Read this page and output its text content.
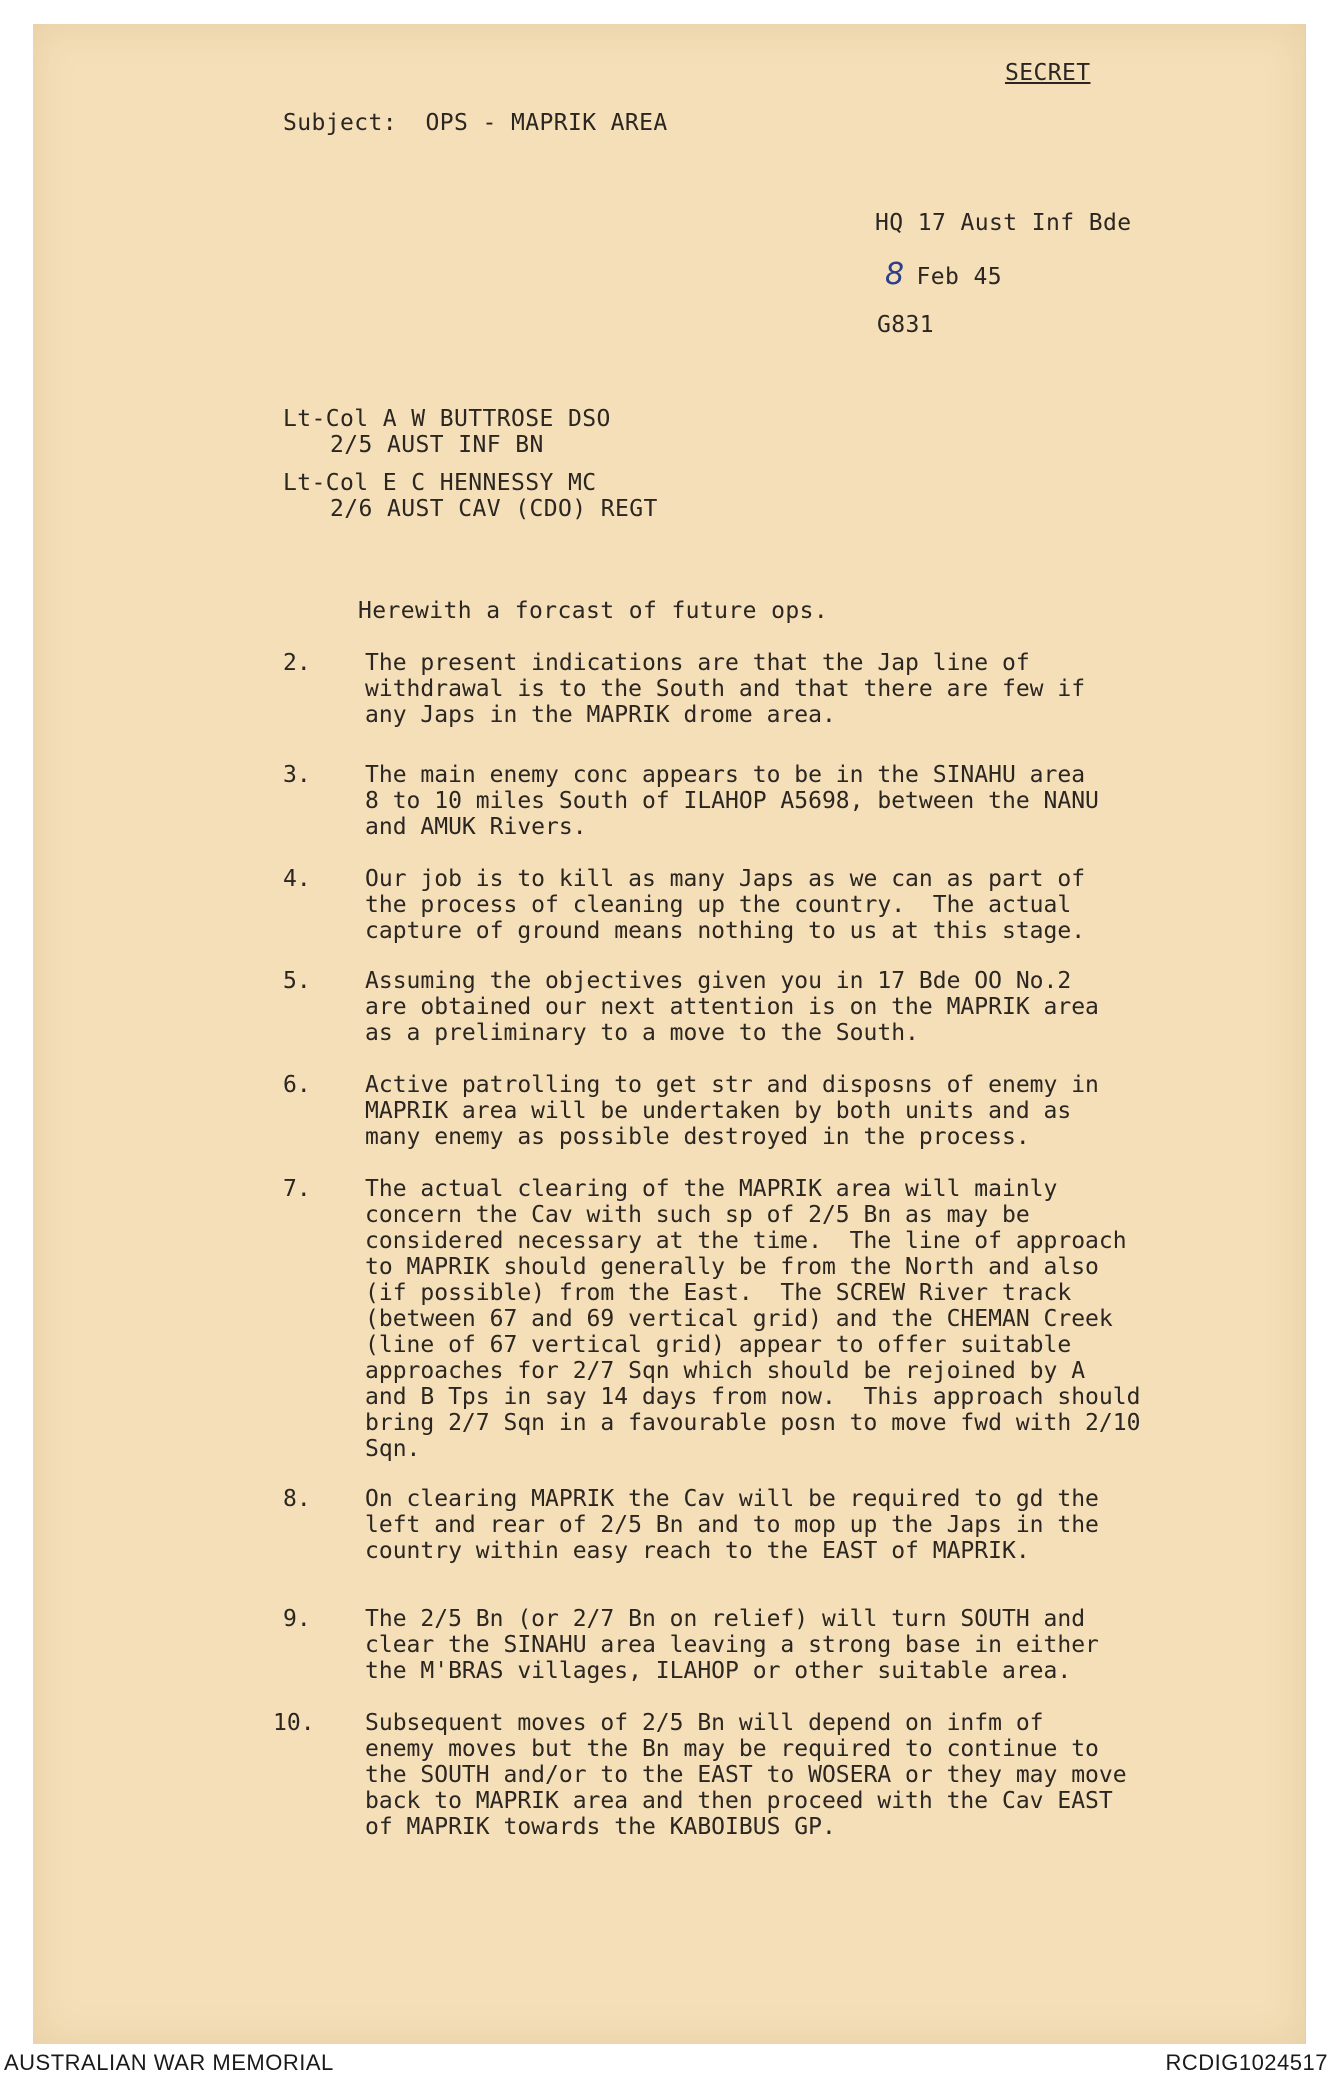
SECRET
Subject:  OPS - MAPRIK AREA
HQ 17 Aust Inf Bde
8 Feb 45
G831
Lt-Col A W BUTTROSE DSO
2/5 AUST INF BN
Lt-Col E C HENNESSY MC
2/6 AUST CAV (CDO) REGT
Herewith a forcast of future ops.
2.	The present indications are that the Jap line of
withdrawal is to the South and that there are few if
any Japs in the MAPRIK drome area.
3.	The main enemy conc appears to be in the SINAHU area
8 to 10 miles South of ILAHOP A5698, between the NANU
and AMUK Rivers.
4.	Our job is to kill as many Japs as we can as part of
the process of cleaning up the country.  The actual
capture of ground means nothing to us at this stage.
5.	Assuming the objectives given you in 17 Bde OO No.2
are obtained our next attention is on the MAPRIK area
as a preliminary to a move to the South.
6.	Active patrolling to get str and disposns of enemy in
MAPRIK area will be undertaken by both units and as
many enemy as possible destroyed in the process.
7.	The actual clearing of the MAPRIK area will mainly
concern the Cav with such sp of 2/5 Bn as may be
considered necessary at the time.  The line of approach
to MAPRIK should generally be from the North and also
(if possible) from the East.  The SCREW River track
(between 67 and 69 vertical grid) and the CHEMAN Creek
(line of 67 vertical grid) appear to offer suitable
approaches for 2/7 Sqn which should be rejoined by A
and B Tps in say 14 days from now.  This approach should
bring 2/7 Sqn in a favourable posn to move fwd with 2/10
Sqn.
8.	On clearing MAPRIK the Cav will be required to gd the
left and rear of 2/5 Bn and to mop up the Japs in the
country within easy reach to the EAST of MAPRIK.
9.	The 2/5 Bn (or 2/7 Bn on relief) will turn SOUTH and
clear the SINAHU area leaving a strong base in either
the M'BRAS villages, ILAHOP or other suitable area.
10.	Subsequent moves of 2/5 Bn will depend on infm of
enemy moves but the Bn may be required to continue to
the SOUTH and/or to the EAST to WOSERA or they may move
back to MAPRIK area and then proceed with the Cav EAST
of MAPRIK towards the KABOIBUS GP.
AUSTRALIAN WAR MEMORIAL	RCDIG1024517
